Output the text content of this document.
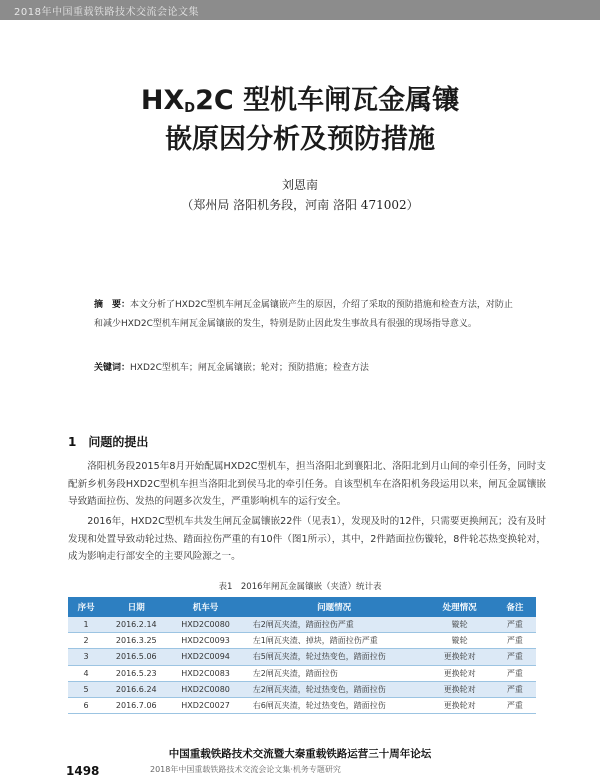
2018年中国重载铁路技术交流会论文集
$HX_D2C$ 型机车闸瓦金属镶
嵌原因分析及预防措施
刘恩南
（郑州局 洛阳机务段，河南 洛阳 471002）
摘　要：本文分析了HXD2C型机车闸瓦金属镶嵌产生的原因，介绍了采取的预防措施和检查方法，对防止和减少HXD2C型机车闸瓦金属镶嵌的发生，特别是防止因此发生事故具有很强的现场指导意义。
关键词：HXD2C型机车；闸瓦金属镶嵌；轮对；预防措施；检查方法
1　问题的提出
洛阳机务段2015年8月开始配属HXD2C型机车，担当洛阳北到襄阳北、洛阳北到月山间的牵引任务，同时支配新乡机务段HXD2C型机车担当洛阳北到侯马北的牵引任务。自该型机车在洛阳机务段运用以来，闸瓦金属镶嵌导致踏面拉伤、发热的问题多次发生，严重影响机车的运行安全。
2016年，HXD2C型机车共发生闸瓦金属镶嵌22件（见表1），发现及时的12件，只需要更换闸瓦；没有及时发现和处置导致动轮过热、踏面拉伤严重的有10件（图1所示），其中，2件踏面拉伤镟轮，8件轮芯热变换轮对，成为影响走行部安全的主要风险源之一。
表1　2016年闸瓦金属镶嵌（夹渣）统计表
序号	日期	机车号	问题情况	处理情况	备注
1	2016.2.14	HXD2C0080	右2闸瓦夹渣，踏面拉伤严重	镟轮	严重
2	2016.3.25	HXD2C0093	左1闸瓦夹渣、掉块，踏面拉伤严重	镟轮	严重
3	2016.5.06	HXD2C0094	右5闸瓦夹渣，轮过热变色，踏面拉伤	更换轮对	严重
4	2016.5.23	HXD2C0083	左2闸瓦夹渣，踏面拉伤	更换轮对	严重
5	2016.6.24	HXD2C0080	左2闸瓦夹渣，轮过热变色，踏面拉伤	更换轮对	严重
6	2016.7.06	HXD2C0027	右6闸瓦夹渣，轮过热变色，踏面拉伤	更换轮对	严重
中国重载铁路技术交流暨大秦重载铁路运营三十周年论坛
1498	2018年中国重载铁路技术交流会论文集·机务专题研究
